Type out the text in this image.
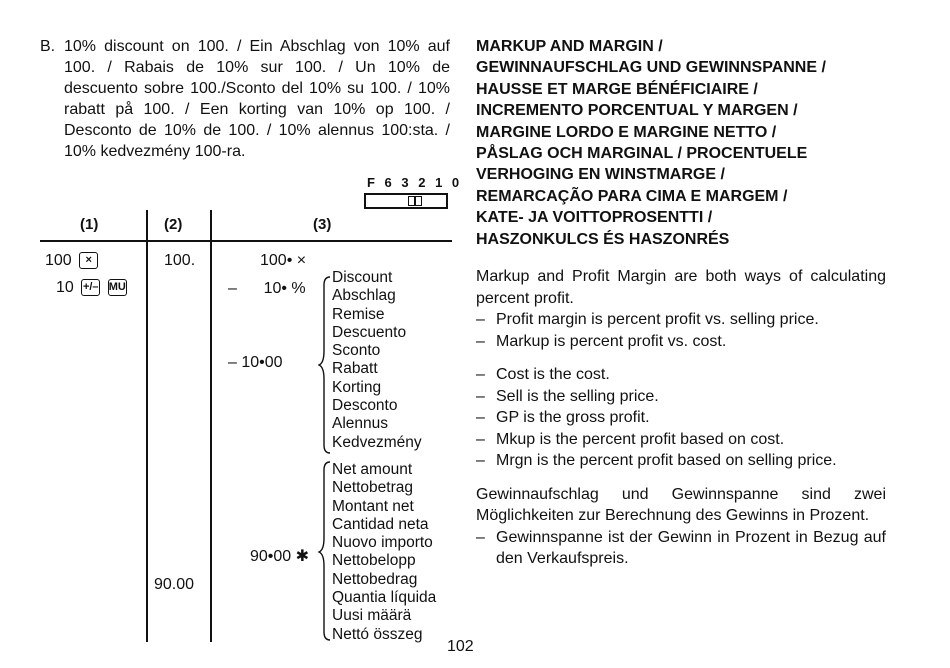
B. 10% discount on 100. / Ein Abschlag von 10% auf 100. / Rabais de 10% sur 100. / Un 10% de descuento sobre 100./Sconto del 10% su 100. / 10% rabatt på 100. / Een korting van 10% op 100. / Desconto de 10% de 100. / 10% alennus 100:sta. / 10% kedvezmény 100-ra.
F 6 3 2 1 0
(1)	(2)	(3)
100 ×
10 +/– MU
100.
90.00
100• ×
–      10• %
– 10•00
90•00 ✱
Discount
Abschlag
Remise
Descuento
Sconto
Rabatt
Korting
Desconto
Alennus
Kedvezmény
Net amount
Nettobetrag
Montant net
Cantidad neta
Nuovo importo
Nettobelopp
Nettobedrag
Quantia líquida
Uusi määrä
Nettó összeg
MARKUP AND MARGIN /
GEWINNAUFSCHLAG UND GEWINNSPANNE /
HAUSSE ET MARGE BÉNÉFICIAIRE /
INCREMENTO PORCENTUAL Y MARGEN /
MARGINE LORDO E MARGINE NETTO /
PÅSLAG OCH MARGINAL / PROCENTUELE
VERHOGING EN WINSTMARGE /
REMARCAÇÃO PARA CIMA E MARGEM /
KATE- JA VOITTOPROSENTTI /
HASZONKULCS ÉS HASZONRÉS
Markup and Profit Margin are both ways of calculating percent profit.
– Profit margin is percent profit vs. selling price.
– Markup is percent profit vs. cost.
– Cost is the cost.
– Sell is the selling price.
– GP is the gross profit.
– Mkup is the percent profit based on cost.
– Mrgn is the percent profit based on selling price.
Gewinnaufschlag und Gewinnspanne sind zwei Möglichkeiten zur Berechnung des Gewinns in Prozent.
– Gewinnspanne ist der Gewinn in Prozent in Bezug auf den Verkaufspreis.
102
